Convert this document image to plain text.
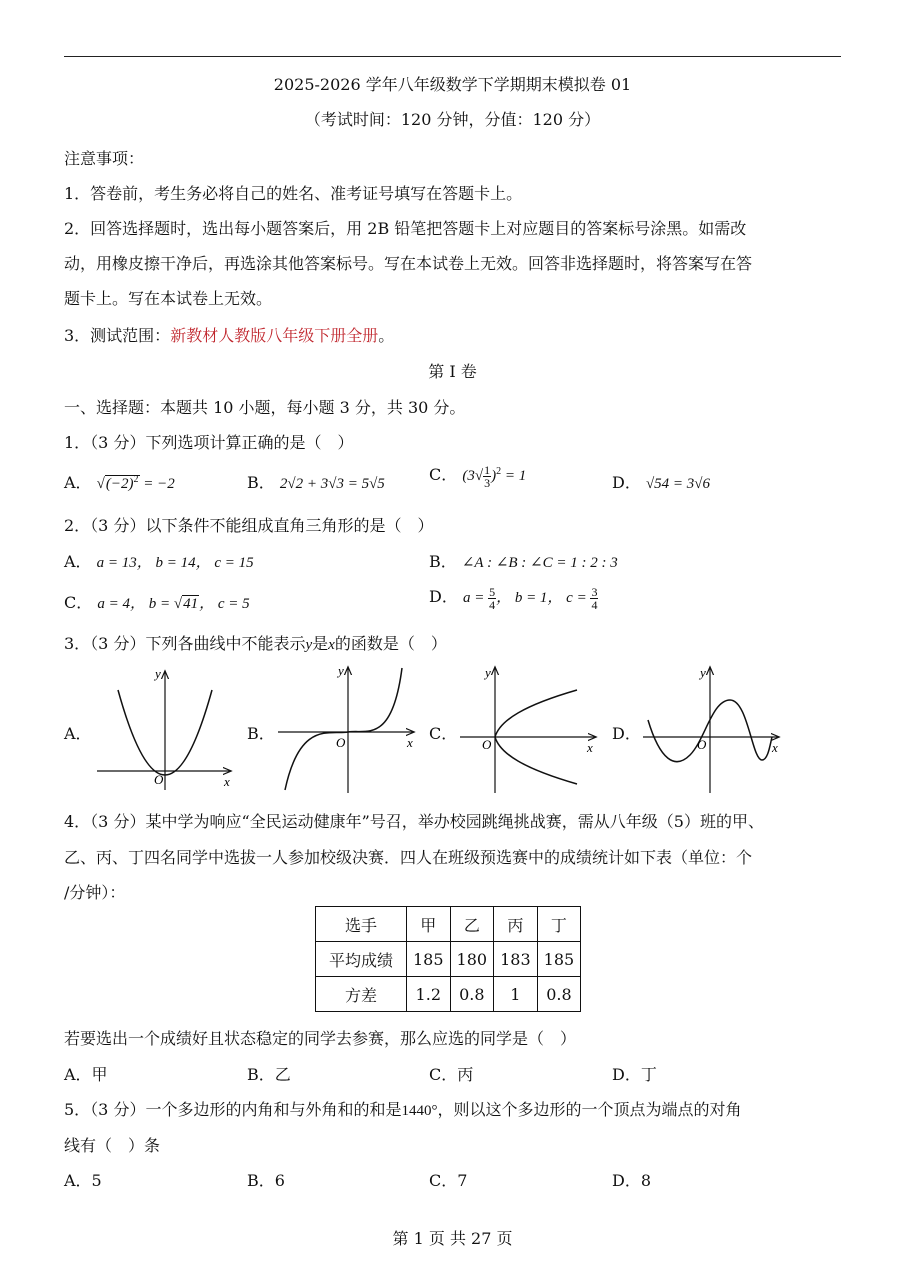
2025-2026 学年八年级数学下学期期末模拟卷 01
（考试时间：120 分钟，分值：120 分）
注意事项：
1．答卷前，考生务必将自己的姓名、准考证号填写在答题卡上。
2．回答选择题时，选出每小题答案后，用 2B 铅笔把答题卡上对应题目的答案标号涂黑。如需改
动，用橡皮擦干净后，再选涂其他答案标号。写在本试卷上无效。回答非选择题时，将答案写在答
题卡上。写在本试卷上无效。
3．测试范围：新教材人教版八年级下册全册。
第 I 卷
一、选择题：本题共 10 小题，每小题 3 分，共 30 分。
1．（3 分）下列选项计算正确的是（　）
A． $√(-2)^2 = -2$	B． 2√2 + 3√3 = 5√5	C． $(3√ \frac{1}{3} )^2 = 1$	D． √54 = 3√6
2．（3 分）以下条件不能组成直角三角形的是（　）
A． a = 13， b = 14， c = 15	B． ∠A : ∠B : ∠C = 1 : 2 : 3
C． a = 4， b = √41， c = 5	D． $a = \frac{5}{4}$ ， b = 1， $c = \frac{3}{4}$
3．（3 分）下列各曲线中不能表示y是x的函数是（　）
A．	B．	C．	D．
O	x
y
O	x
y
O	x
y
O	x
y
4．（3 分）某中学为响应“全民运动健康年”号召，举办校园跳绳挑战赛，需从八年级（5）班的甲、
乙、丙、丁四名同学中选拔一人参加校级决赛．四人在班级预选赛中的成绩统计如下表（单位：个
/分钟）：
选手	甲	乙	丙	丁
平均成绩	185	180	183	185
方差	1.2	0.8	1	0.8
若要选出一个成绩好且状态稳定的同学去参赛，那么应选的同学是（　）
A．甲	B．乙	C．丙	D．丁
5．（3 分）一个多边形的内角和与外角和的和是1440°，则以这个多边形的一个顶点为端点的对角
线有（　）条
A．5	B．6	C．7	D．8
第 1 页 共 27 页
